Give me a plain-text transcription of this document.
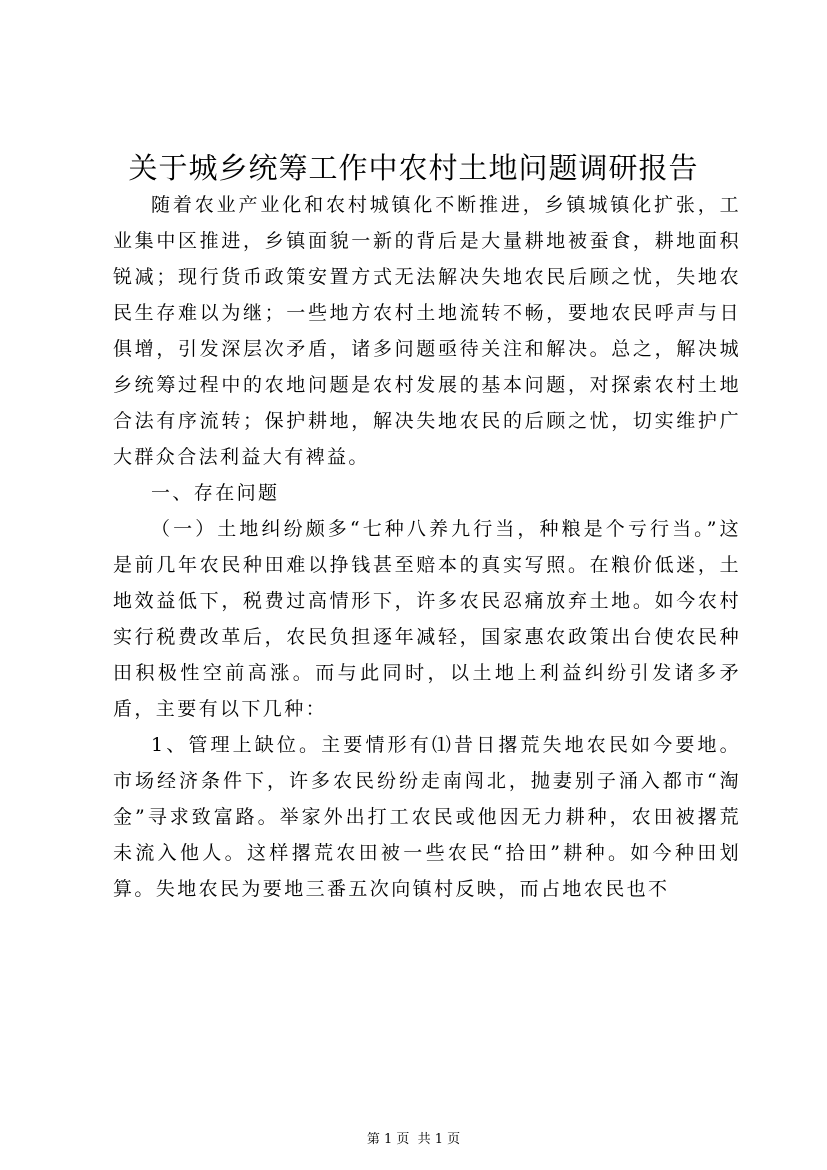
关于城乡统筹工作中农村土地问题调研报告

随着农业产业化和农村城镇化不断推进，乡镇城镇化扩张，工业集中区推进，乡镇面貌一新的背后是大量耕地被蚕食，耕地面积锐减；现行货币政策安置方式无法解决失地农民后顾之忧，失地农民生存难以为继；一些地方农村土地流转不畅，要地农民呼声与日俱增，引发深层次矛盾，诸多问题亟待关注和解决。总之，解决城乡统筹过程中的农地问题是农村发展的基本问题，对探索农村土地合法有序流转；保护耕地，解决失地农民的后顾之忧，切实维护广大群众合法利益大有裨益。

一、存在问题

（一）土地纠纷颇多“七种八养九行当，种粮是个亏行当。”这是前几年农民种田难以挣钱甚至赔本的真实写照。在粮价低迷，土地效益低下，税费过高情形下，许多农民忍痛放弃土地。如今农村实行税费改革后，农民负担逐年减轻，国家惠农政策出台使农民种田积极性空前高涨。而与此同时，以土地上利益纠纷引发诸多矛盾，主要有以下几种：

1、管理上缺位。主要情形有⑴昔日撂荒失地农民如今要地。市场经济条件下，许多农民纷纷走南闯北，抛妻别子涌入都市“淘金”寻求致富路。举家外出打工农民或他因无力耕种，农田被撂荒未流入他人。这样撂荒农田被一些农民“拾田”耕种。如今种田划算。失地农民为要地三番五次向镇村反映，而占地农民也不

第 1 页  共 1 页
